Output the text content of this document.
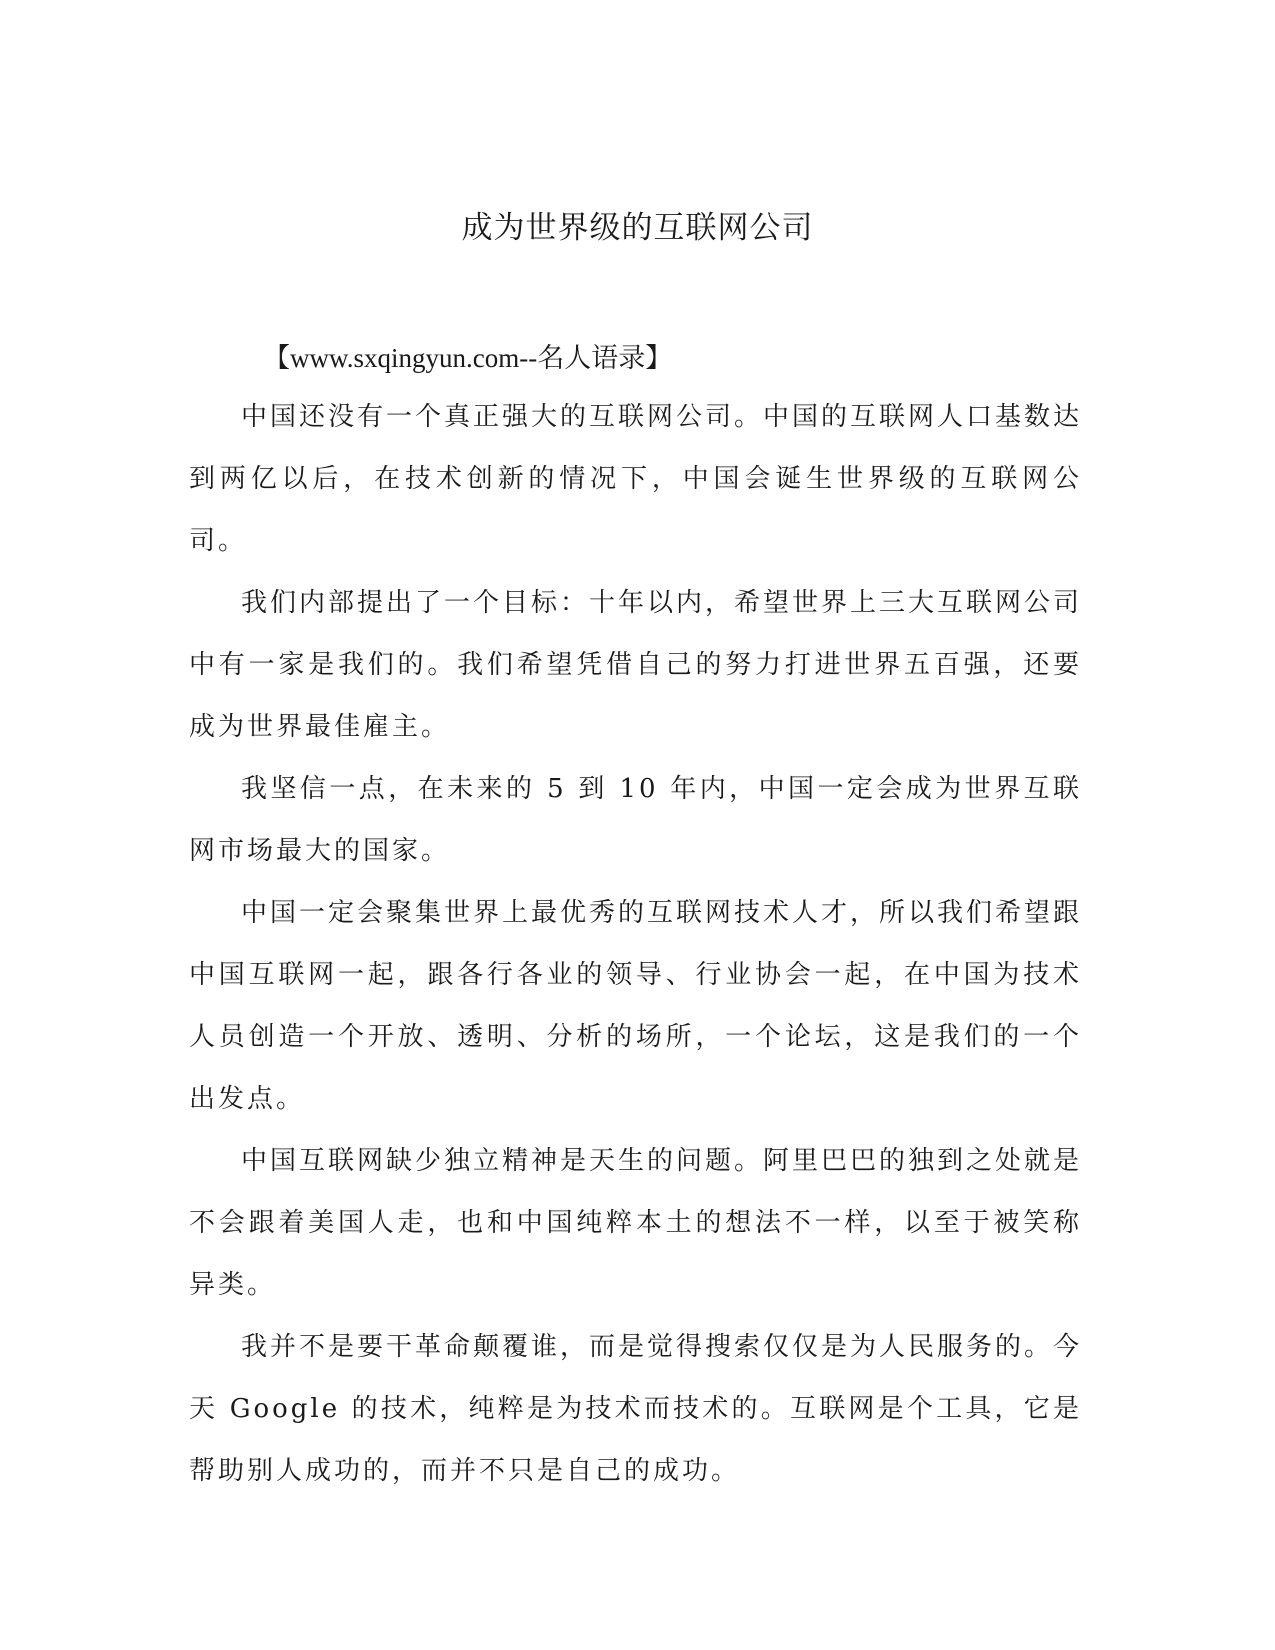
成为世界级的互联网公司
【www.sxqingyun.com--名人语录】

中国还没有一个真正强大的互联网公司。中国的互联网人口基数达到两亿以后，在技术创新的情况下，中国会诞生世界级的互联网公司。

我们内部提出了一个目标：十年以内，希望世界上三大互联网公司中有一家是我们的。我们希望凭借自己的努力打进世界五百强，还要成为世界最佳雇主。

我坚信一点，在未来的 5 到 10 年内，中国一定会成为世界互联网市场最大的国家。

中国一定会聚集世界上最优秀的互联网技术人才，所以我们希望跟中国互联网一起，跟各行各业的领导、行业协会一起，在中国为技术人员创造一个开放、透明、分析的场所，一个论坛，这是我们的一个出发点。

中国互联网缺少独立精神是天生的问题。阿里巴巴的独到之处就是不会跟着美国人走，也和中国纯粹本土的想法不一样，以至于被笑称异类。

我并不是要干革命颠覆谁，而是觉得搜索仅仅是为人民服务的。今天 Google 的技术，纯粹是为技术而技术的。互联网是个工具，它是帮助别人成功的，而并不只是自己的成功。
